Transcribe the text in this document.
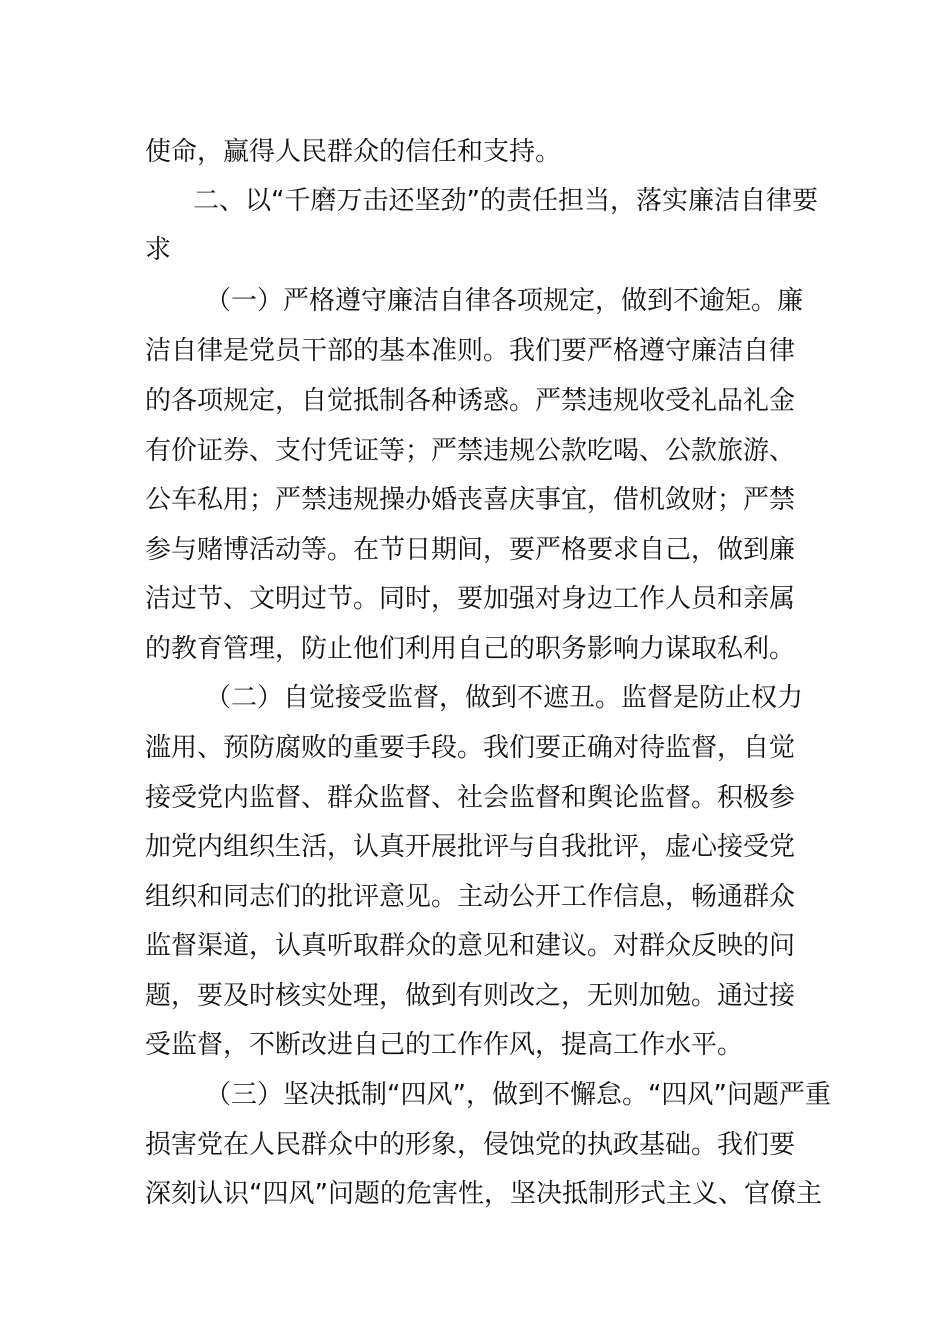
使命，赢得人民群众的信任和支持。

二、以“千磨万击还坚劲”的责任担当，落实廉洁自律要

求

（一）严格遵守廉洁自律各项规定，做到不逾矩。廉

洁自律是党员干部的基本准则。我们要严格遵守廉洁自律

的各项规定，自觉抵制各种诱惑。严禁违规收受礼品礼金

有价证券、支付凭证等；严禁违规公款吃喝、公款旅游、

公车私用；严禁违规操办婚丧喜庆事宜，借机敛财；严禁

参与赌博活动等。在节日期间，要严格要求自己，做到廉

洁过节、文明过节。同时，要加强对身边工作人员和亲属

的教育管理，防止他们利用自己的职务影响力谋取私利。

（二）自觉接受监督，做到不遮丑。监督是防止权力

滥用、预防腐败的重要手段。我们要正确对待监督，自觉

接受党内监督、群众监督、社会监督和舆论监督。积极参

加党内组织生活，认真开展批评与自我批评，虚心接受党

组织和同志们的批评意见。主动公开工作信息，畅通群众

监督渠道，认真听取群众的意见和建议。对群众反映的问

题，要及时核实处理，做到有则改之，无则加勉。通过接

受监督，不断改进自己的工作作风，提高工作水平。

（三）坚决抵制“四风”，做到不懈怠。“四风”问题严重

损害党在人民群众中的形象，侵蚀党的执政基础。我们要

深刻认识“四风”问题的危害性，坚决抵制形式主义、官僚主
